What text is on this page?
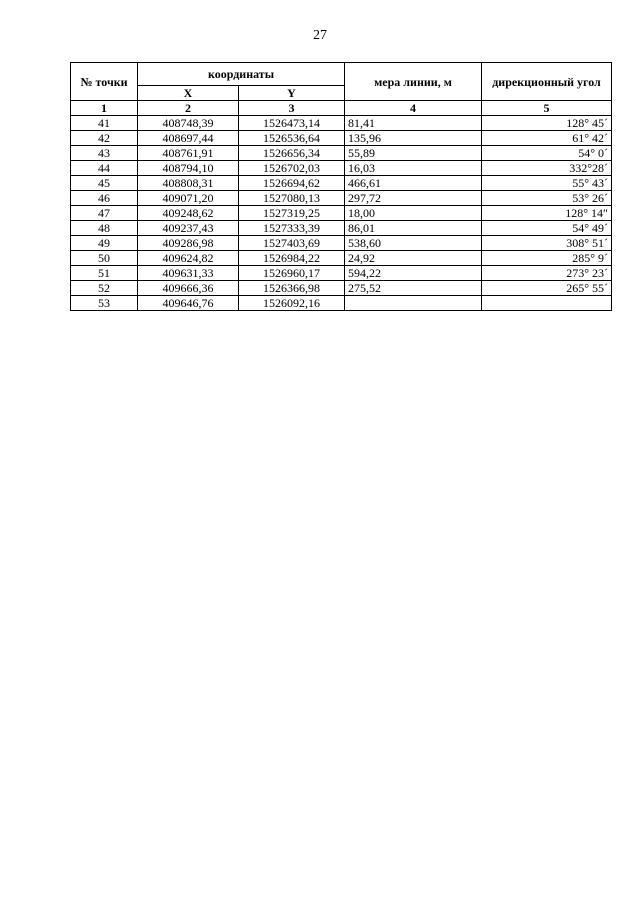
27
№ точки	координаты		мера линии, м	дирекционный угол
	X	Y		
1	2	3	4	5
41	408748,39	1526473,14	81,41	128° 45´
42	408697,44	1526536,64	135,96	61° 42´
43	408761,91	1526656,34	55,89	54° 0´
44	408794,10	1526702,03	16,03	332°28´
45	408808,31	1526694,62	466,61	55° 43´
46	409071,20	1527080,13	297,72	53° 26´
47	409248,62	1527319,25	18,00	128° 14″
48	409237,43	1527333,39	86,01	54° 49´
49	409286,98	1527403,69	538,60	308° 51´
50	409624,82	1526984,22	24,92	285° 9´
51	409631,33	1526960,17	594,22	273° 23´
52	409666,36	1526366,98	275,52	265° 55´
53	409646,76	1526092,16		
